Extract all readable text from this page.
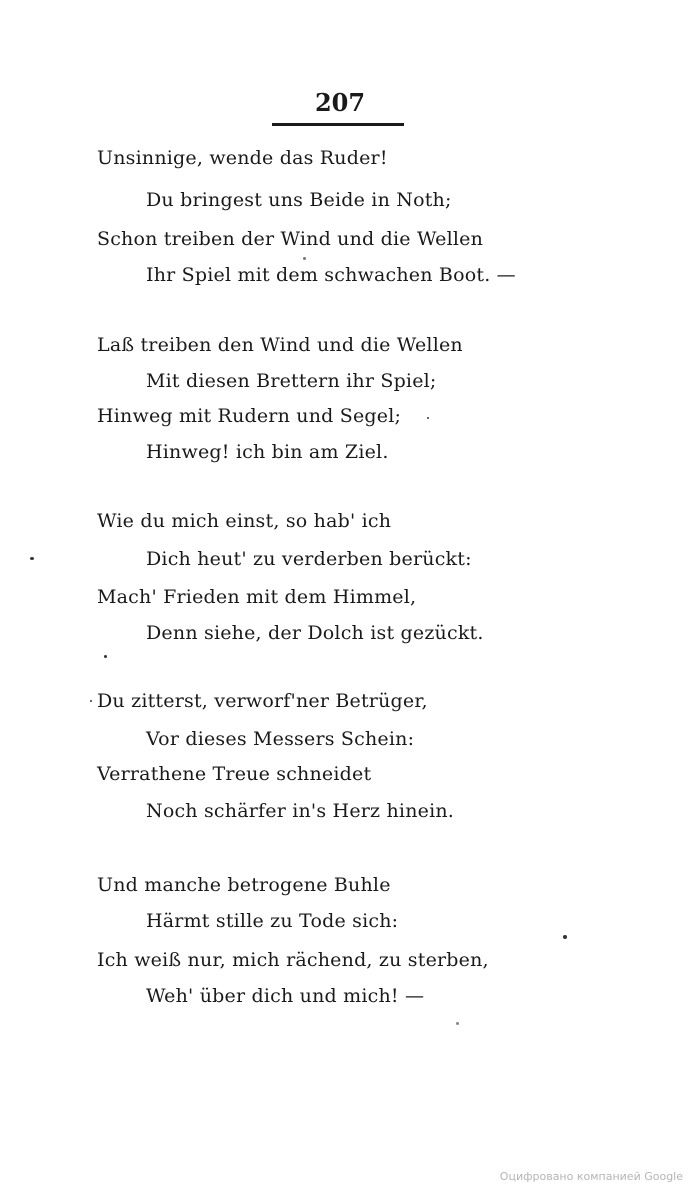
207
Unsinnige, wende das Ruder!
Du bringest uns Beide in Noth;
Schon treiben der Wind und die Wellen
Ihr Spiel mit dem schwachen Boot. —
Laß treiben den Wind und die Wellen
Mit diesen Brettern ihr Spiel;
Hinweg mit Rudern und Segel;
Hinweg! ich bin am Ziel.
Wie du mich einst, so hab' ich
Dich heut' zu verderben berückt:
Mach' Frieden mit dem Himmel,
Denn siehe, der Dolch ist gezückt.
Du zitterst, verworf'ner Betrüger,
Vor dieses Messers Schein:
Verrathene Treue schneidet
Noch schärfer in's Herz hinein.
Und manche betrogene Buhle
Härmt stille zu Tode sich:
Ich weiß nur, mich rächend, zu sterben,
Weh' über dich und mich! —
Оцифровано компанией Google
